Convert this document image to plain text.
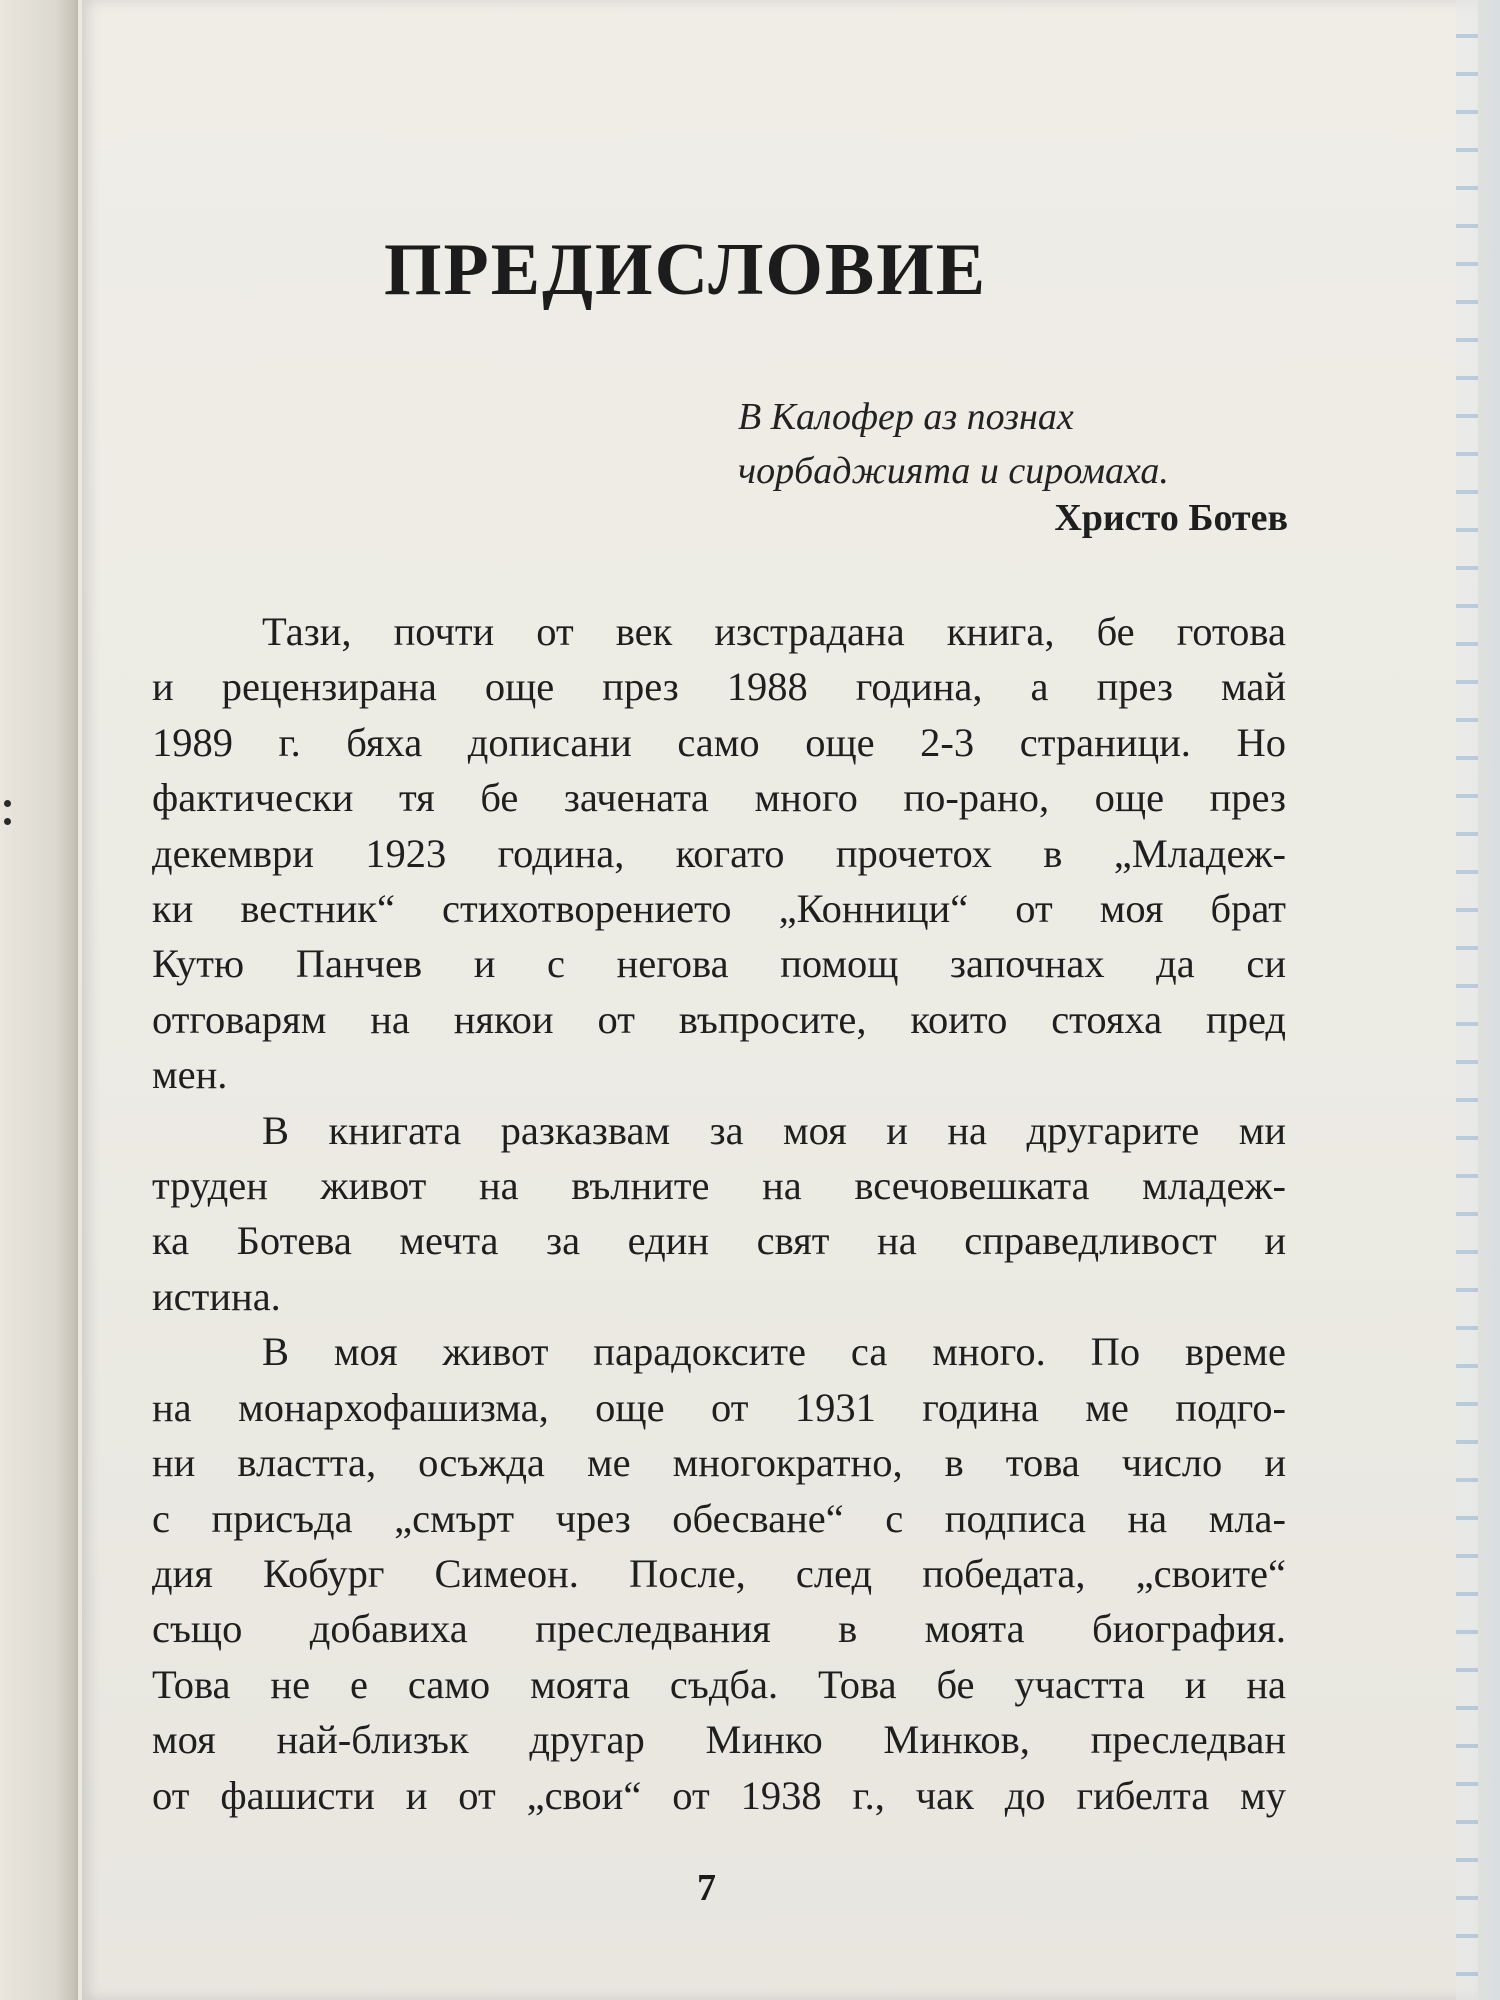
ПРЕДИСЛОВИЕ
В Калофер аз познах
чорбаджията и сиромаха.
Христо Ботев
Тази, почти от век изстрадана книга, бе готова
и рецензирана още през 1988 година, а през май
1989 г. бяха дописани само още 2-3 страници. Но
фактически тя бе заченатa много по-рано, още през
декември 1923 година, когато прочетох в „Младеж-
ки вестник“ стихотворението „Конници“ от моя брат
Кутю Панчев и с негова помощ започнах да си
отговарям на някои от въпросите, които стояха пред
мен.
В книгата разказвам за моя и на другарите ми
труден живот на вълните на всечовешката младеж-
ка Ботева мечта за един свят на справедливост и
истина.
В моя живот парадоксите са много. По време
на монархофашизма, още от 1931 година ме подго-
ни властта, осъжда ме многократно, в това число и
с присъда „смърт чрез обесване“ с подписа на мла-
дия Кобург Симеон. После, след победата, „своите“
също добавиха преследвания в моята биография.
Това не е само моята съдба. Това бе участта и на
моя най-близък другар Минко Минков, преследван
от фашисти и от „свои“ от 1938 г., чак до гибелта му
7
